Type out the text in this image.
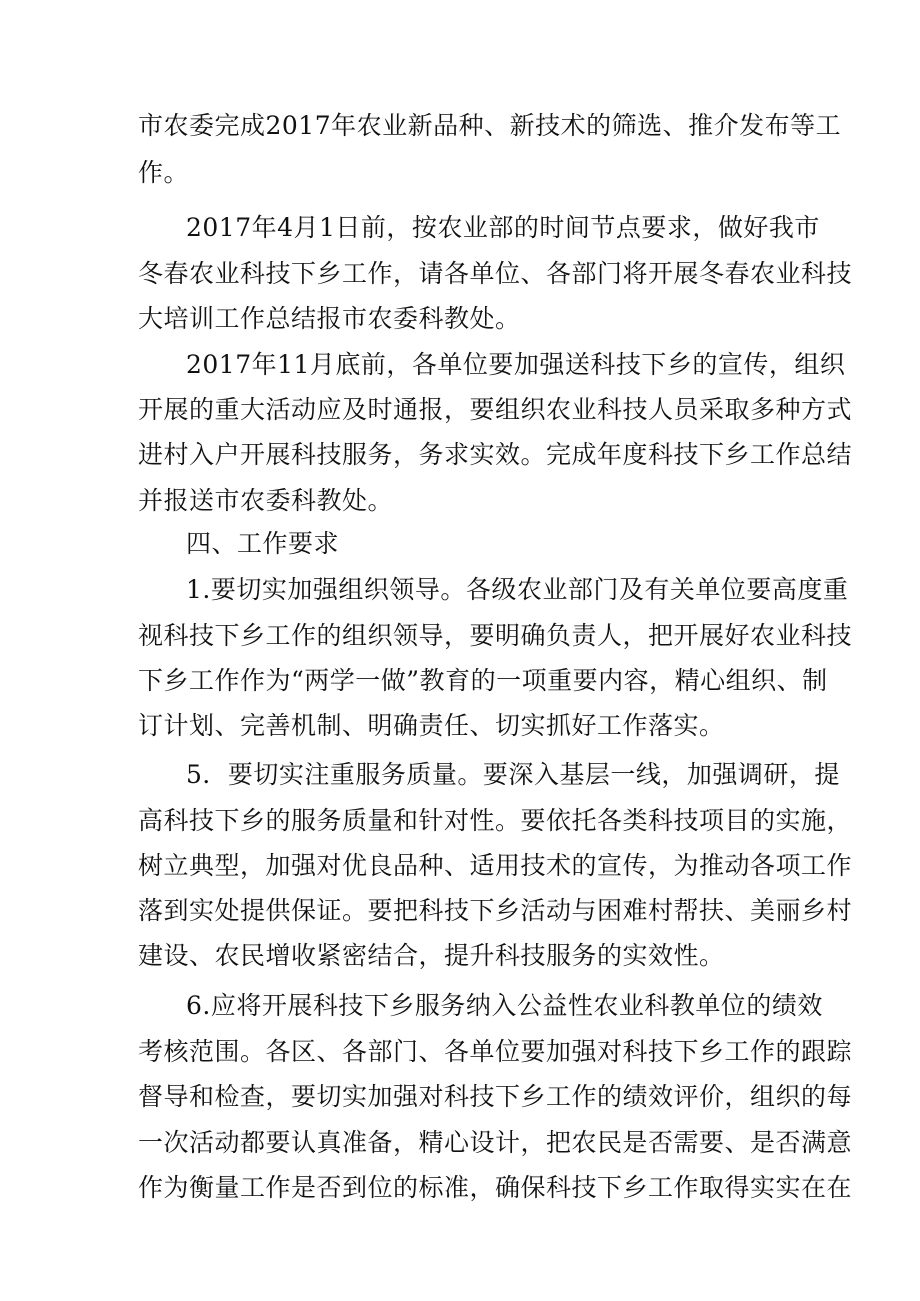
市农委完成2017年农业新品种、新技术的筛选、推介发布等工
作。
2017年4月1日前，按农业部的时间节点要求，做好我市
冬春农业科技下乡工作，请各单位、各部门将开展冬春农业科技
大培训工作总结报市农委科教处。
2017年11月底前，各单位要加强送科技下乡的宣传，组织
开展的重大活动应及时通报，要组织农业科技人员采取多种方式
进村入户开展科技服务，务求实效。完成年度科技下乡工作总结
并报送市农委科教处。
四、工作要求
1.要切实加强组织领导。各级农业部门及有关单位要高度重
视科技下乡工作的组织领导，要明确负责人，把开展好农业科技
下乡工作作为“两学一做”教育的一项重要内容，精心组织、制
订计划、完善机制、明确责任、切实抓好工作落实。
5．要切实注重服务质量。要深入基层一线，加强调研，提
高科技下乡的服务质量和针对性。要依托各类科技项目的实施，
树立典型，加强对优良品种、适用技术的宣传，为推动各项工作
落到实处提供保证。要把科技下乡活动与困难村帮扶、美丽乡村
建设、农民增收紧密结合，提升科技服务的实效性。
6.应将开展科技下乡服务纳入公益性农业科教单位的绩效
考核范围。各区、各部门、各单位要加强对科技下乡工作的跟踪
督导和检查，要切实加强对科技下乡工作的绩效评价，组织的每
一次活动都要认真准备，精心设计，把农民是否需要、是否满意
作为衡量工作是否到位的标准，确保科技下乡工作取得实实在在
